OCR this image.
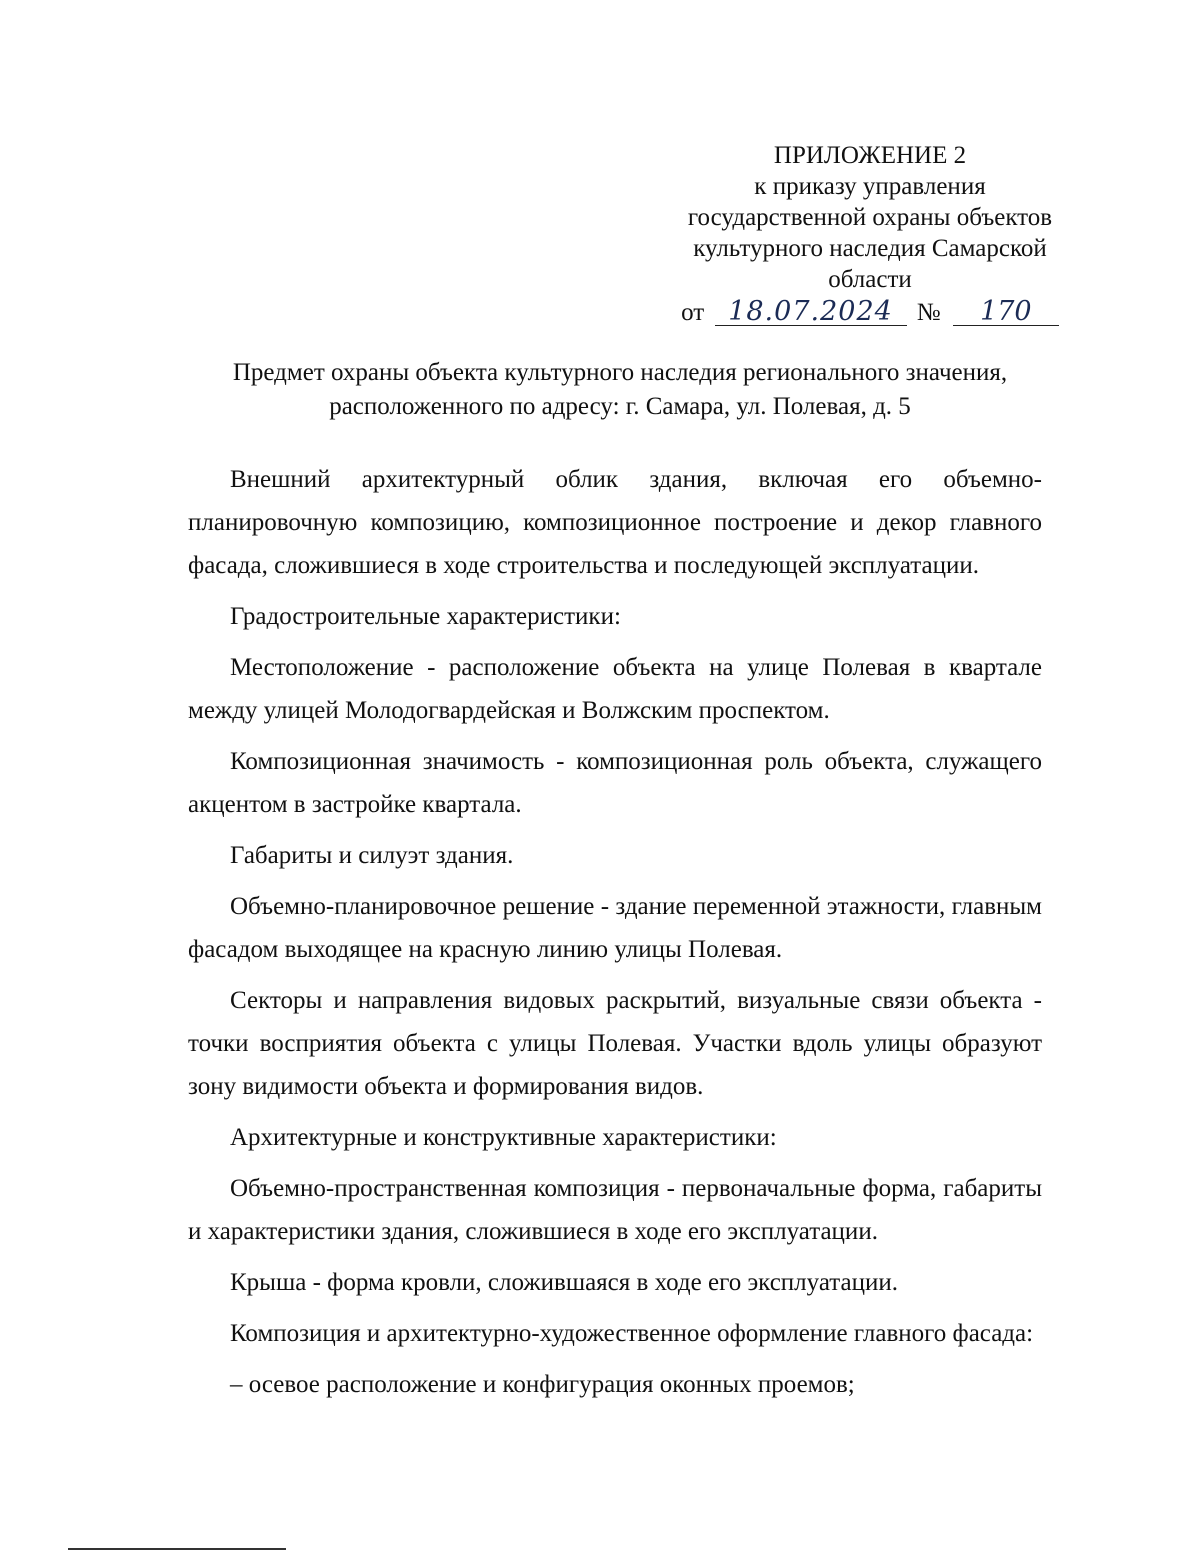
ПРИЛОЖЕНИЕ 2
к приказу управления
государственной охраны объектов
культурного наследия Самарской
области
от 18.07.2024 № 170
Предмет охраны объекта культурного наследия регионального значения,
расположенного по адресу: г. Самара, ул. Полевая, д. 5

Внешний архитектурный облик здания, включая его объемно-планировочную композицию, композиционное построение и декор главного фасада, сложившиеся в ходе строительства и последующей эксплуатации.

Градостроительные характеристики:

Местоположение - расположение объекта на улице Полевая в квартале между улицей Молодогвардейская и Волжским проспектом.

Композиционная значимость - композиционная роль объекта, служащего акцентом в застройке квартала.

Габариты и силуэт здания.

Объемно-планировочное решение - здание переменной этажности, главным фасадом выходящее на красную линию улицы Полевая.

Секторы и направления видовых раскрытий, визуальные связи объекта - точки восприятия объекта с улицы Полевая. Участки вдоль улицы образуют зону видимости объекта и формирования видов.

Архитектурные и конструктивные характеристики:

Объемно-пространственная композиция - первоначальные форма, габариты и характеристики здания, сложившиеся в ходе его эксплуатации.

Крыша - форма кровли, сложившаяся в ходе его эксплуатации.

Композиция и архитектурно-художественное оформление главного фасада:

– осевое расположение и конфигурация оконных проемов;
